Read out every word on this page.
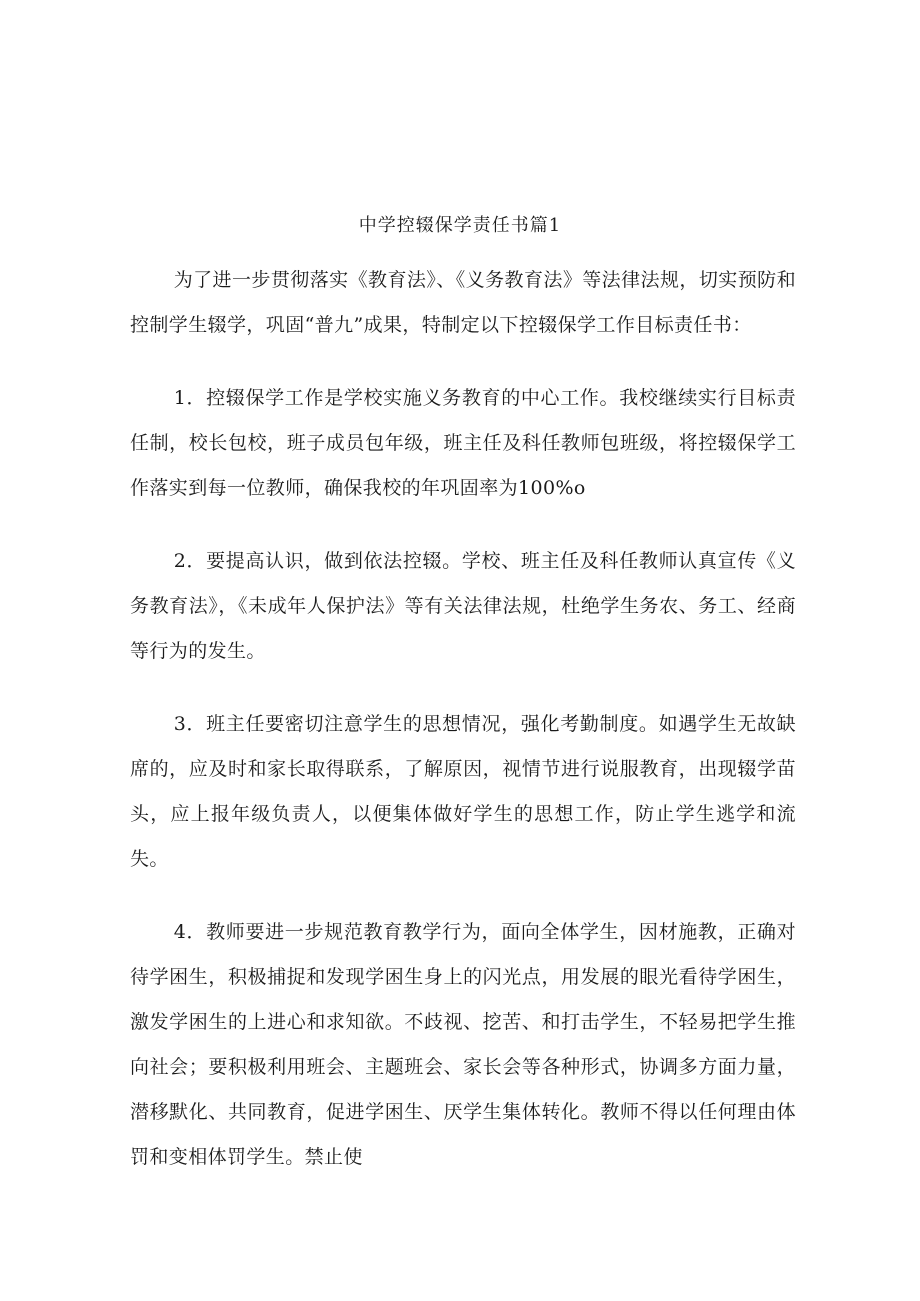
中学控辍保学责任书篇1

为了进一步贯彻落实《教育法》、《义务教育法》等法律法规，切实预防和控制学生辍学，巩固“普九”成果，特制定以下控辍保学工作目标责任书：

1．控辍保学工作是学校实施义务教育的中心工作。我校继续实行目标责任制，校长包校，班子成员包年级，班主任及科任教师包班级，将控辍保学工作落实到每一位教师，确保我校的年巩固率为100%o

2．要提高认识，做到依法控辍。学校、班主任及科任教师认真宣传《义务教育法》，《未成年人保护法》等有关法律法规，杜绝学生务农、务工、经商等行为的发生。

3．班主任要密切注意学生的思想情况，强化考勤制度。如遇学生无故缺席的，应及时和家长取得联系，了解原因，视情节进行说服教育，出现辍学苗头，应上报年级负责人，以便集体做好学生的思想工作，防止学生逃学和流失。

4．教师要进一步规范教育教学行为，面向全体学生，因材施教，正确对待学困生，积极捕捉和发现学困生身上的闪光点，用发展的眼光看待学困生，激发学困生的上进心和求知欲。不歧视、挖苦、和打击学生，不轻易把学生推向社会；要积极利用班会、主题班会、家长会等各种形式，协调多方面力量，潜移默化、共同教育，促进学困生、厌学生集体转化。教师不得以任何理由体罚和变相体罚学生。禁止使
